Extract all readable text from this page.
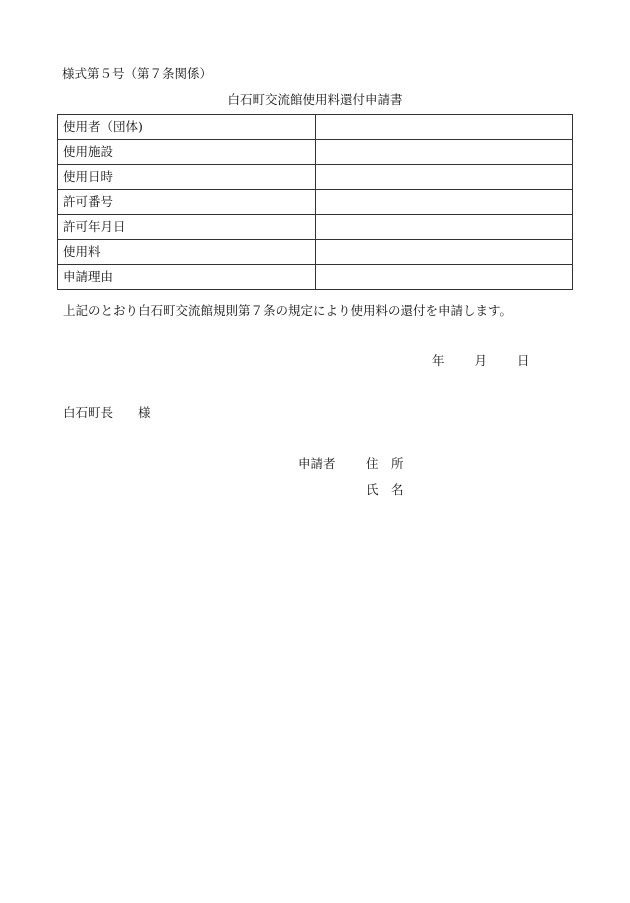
様式第５号（第７条関係）
白石町交流館使用料還付申請書
使用者（団体)	
使用施設	
使用日時	
許可番号	
許可年月日	
使用料	
申請理由	
上記のとおり白石町交流館規則第７条の規定により使用料の還付を申請します。
年 月 日
白石町長　　様
申請者 住　所
氏　名
